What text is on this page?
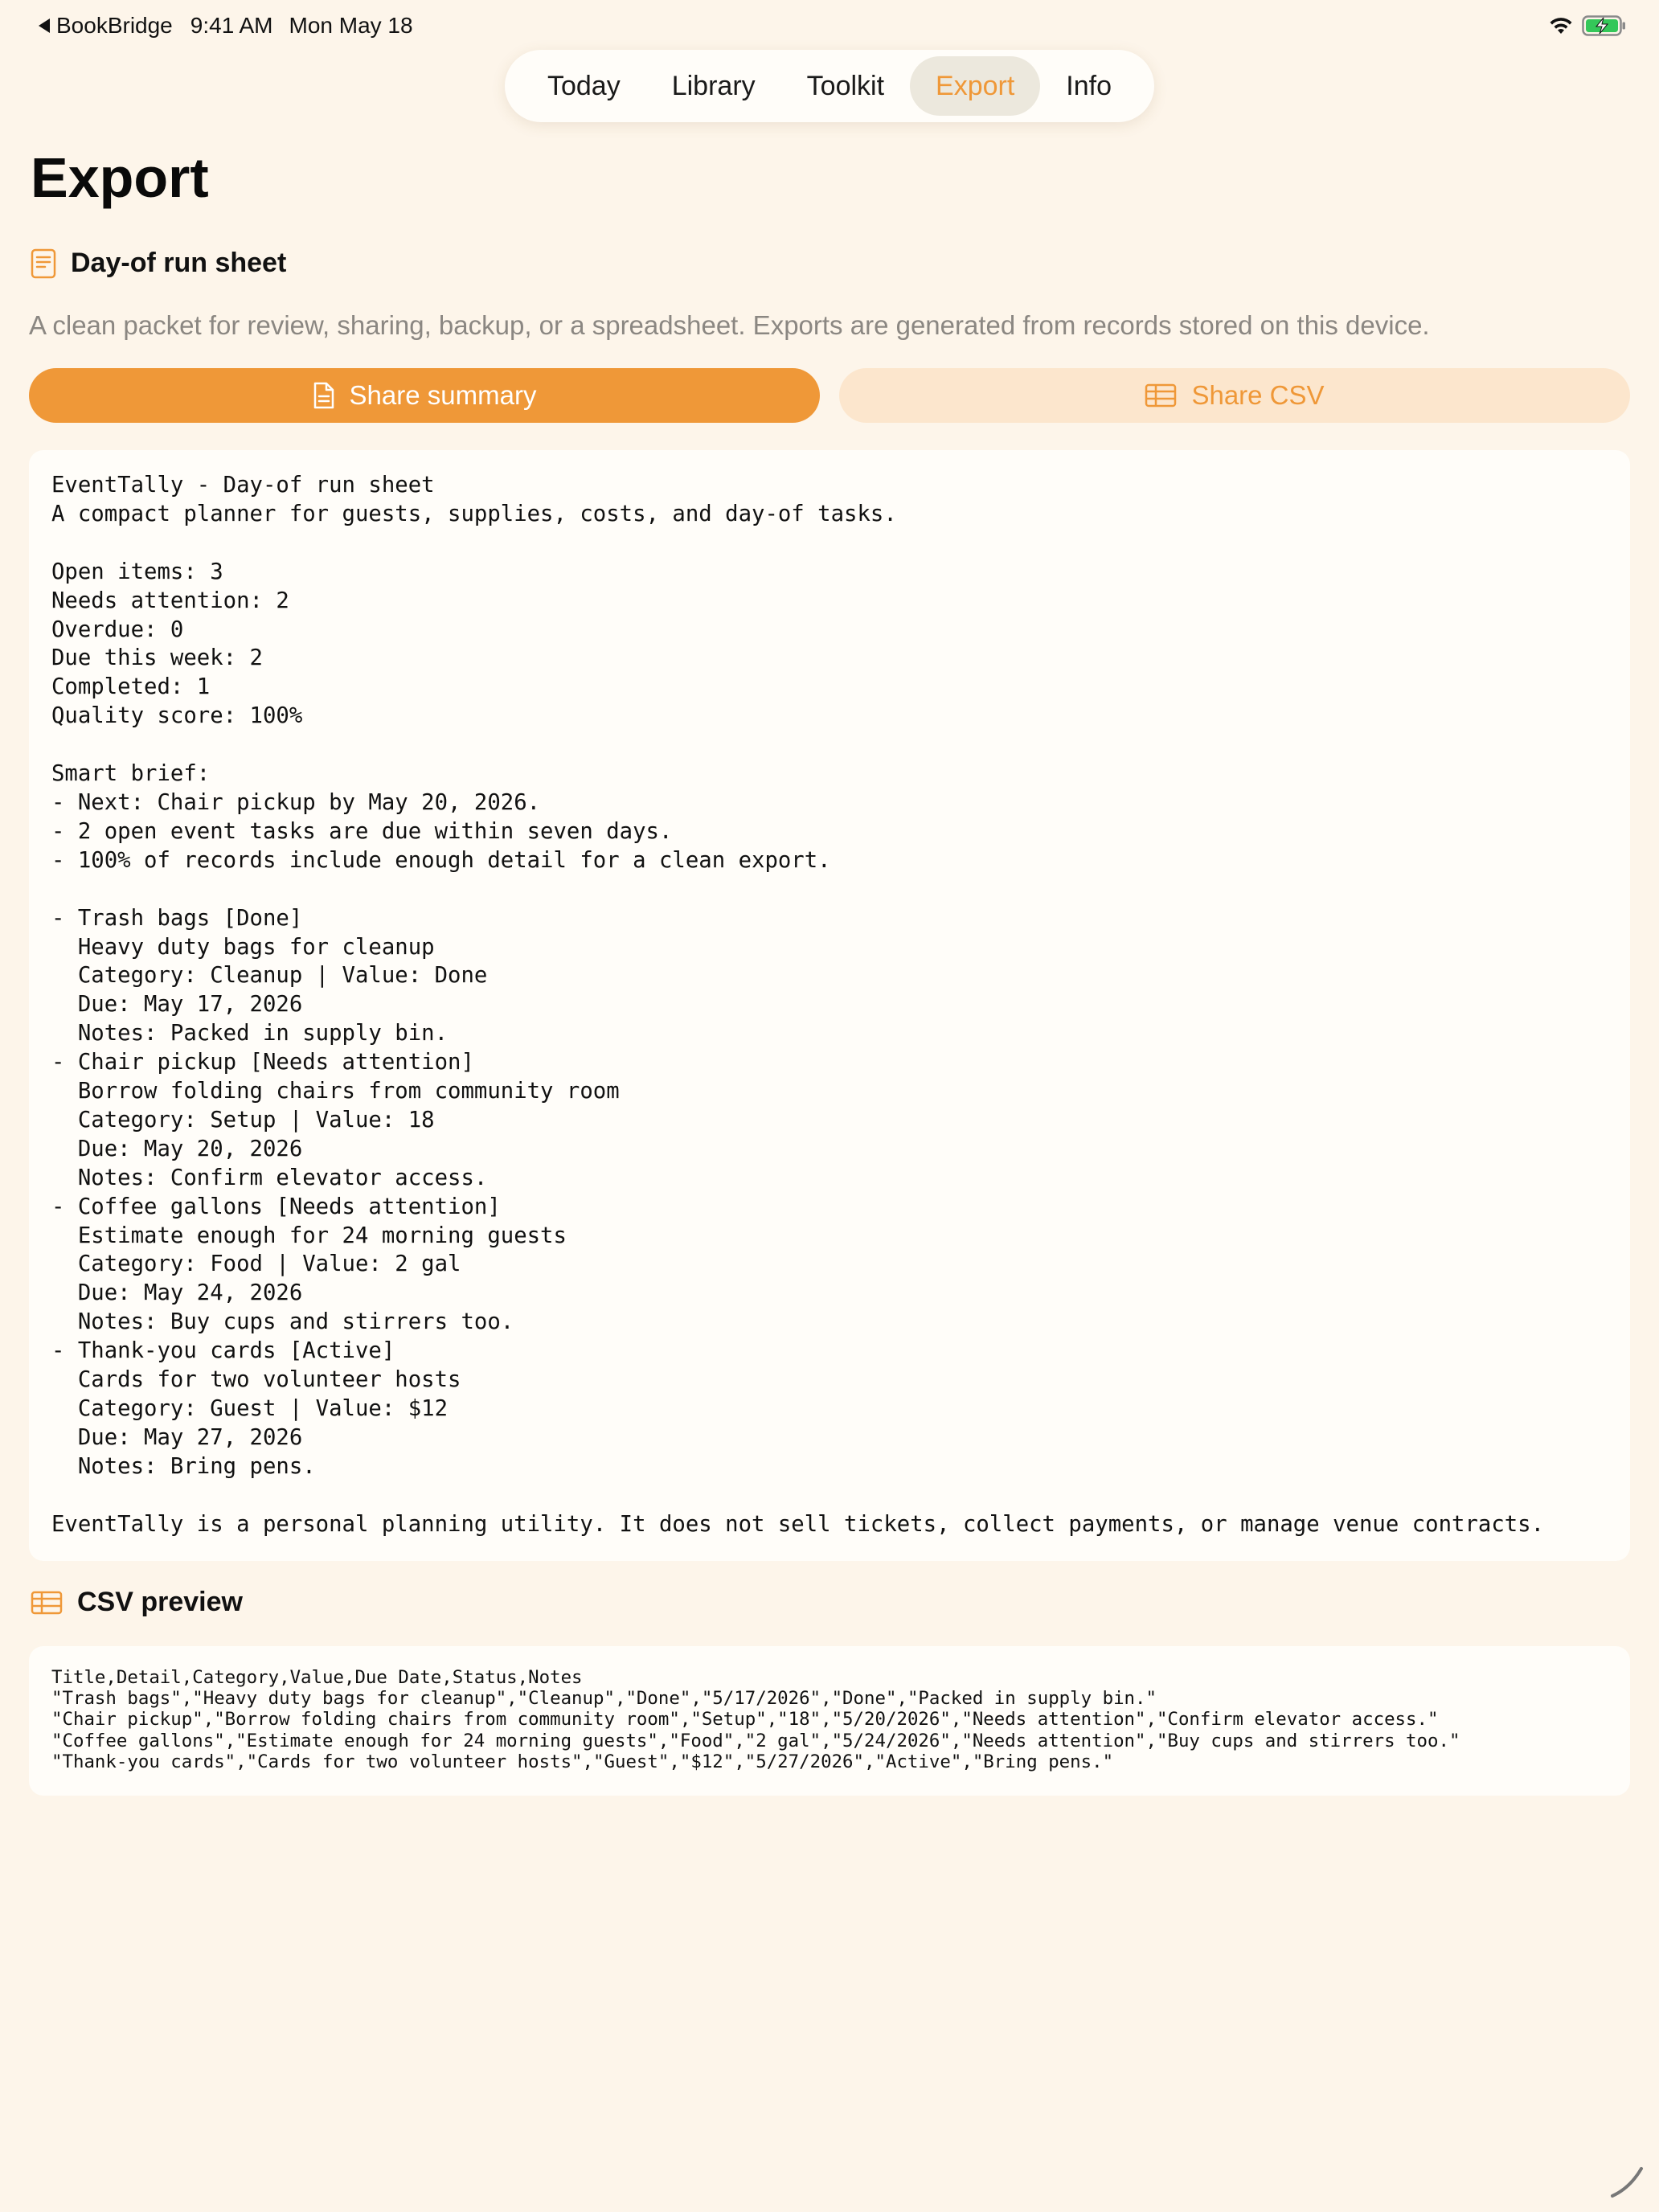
BookBridge 9:41 AM Mon May 18
Today	Library	Toolkit	Export	Info
Export
Day-of run sheet

A clean packet for review, sharing, backup, or a spreadsheet. Exports are generated from records stored on this device.

Share summary	Share CSV
EventTally - Day-of run sheet
A compact planner for guests, supplies, costs, and day-of tasks.

Open items: 3
Needs attention: 2
Overdue: 0
Due this week: 2
Completed: 1
Quality score: 100%

Smart brief:
- Next: Chair pickup by May 20, 2026.
- 2 open event tasks are due within seven days.
- 100% of records include enough detail for a clean export.

- Trash bags [Done]
Heavy duty bags for cleanup
Category: Cleanup | Value: Done
Due: May 17, 2026
Notes: Packed in supply bin.
- Chair pickup [Needs attention]
Borrow folding chairs from community room
Category: Setup | Value: 18
Due: May 20, 2026
Notes: Confirm elevator access.
- Coffee gallons [Needs attention]
Estimate enough for 24 morning guests
Category: Food | Value: 2 gal
Due: May 24, 2026
Notes: Buy cups and stirrers too.
- Thank-you cards [Active]
Cards for two volunteer hosts
Category: Guest | Value: $12
Due: May 27, 2026
Notes: Bring pens.

EventTally is a personal planning utility. It does not sell tickets, collect payments, or manage venue contracts.
CSV preview
Title,Detail,Category,Value,Due Date,Status,Notes
"Trash bags","Heavy duty bags for cleanup","Cleanup","Done","5/17/2026","Done","Packed in supply bin."
"Chair pickup","Borrow folding chairs from community room","Setup","18","5/20/2026","Needs attention","Confirm elevator access."
"Coffee gallons","Estimate enough for 24 morning guests","Food","2 gal","5/24/2026","Needs attention","Buy cups and stirrers too."
"Thank-you cards","Cards for two volunteer hosts","Guest","$12","5/27/2026","Active","Bring pens."
